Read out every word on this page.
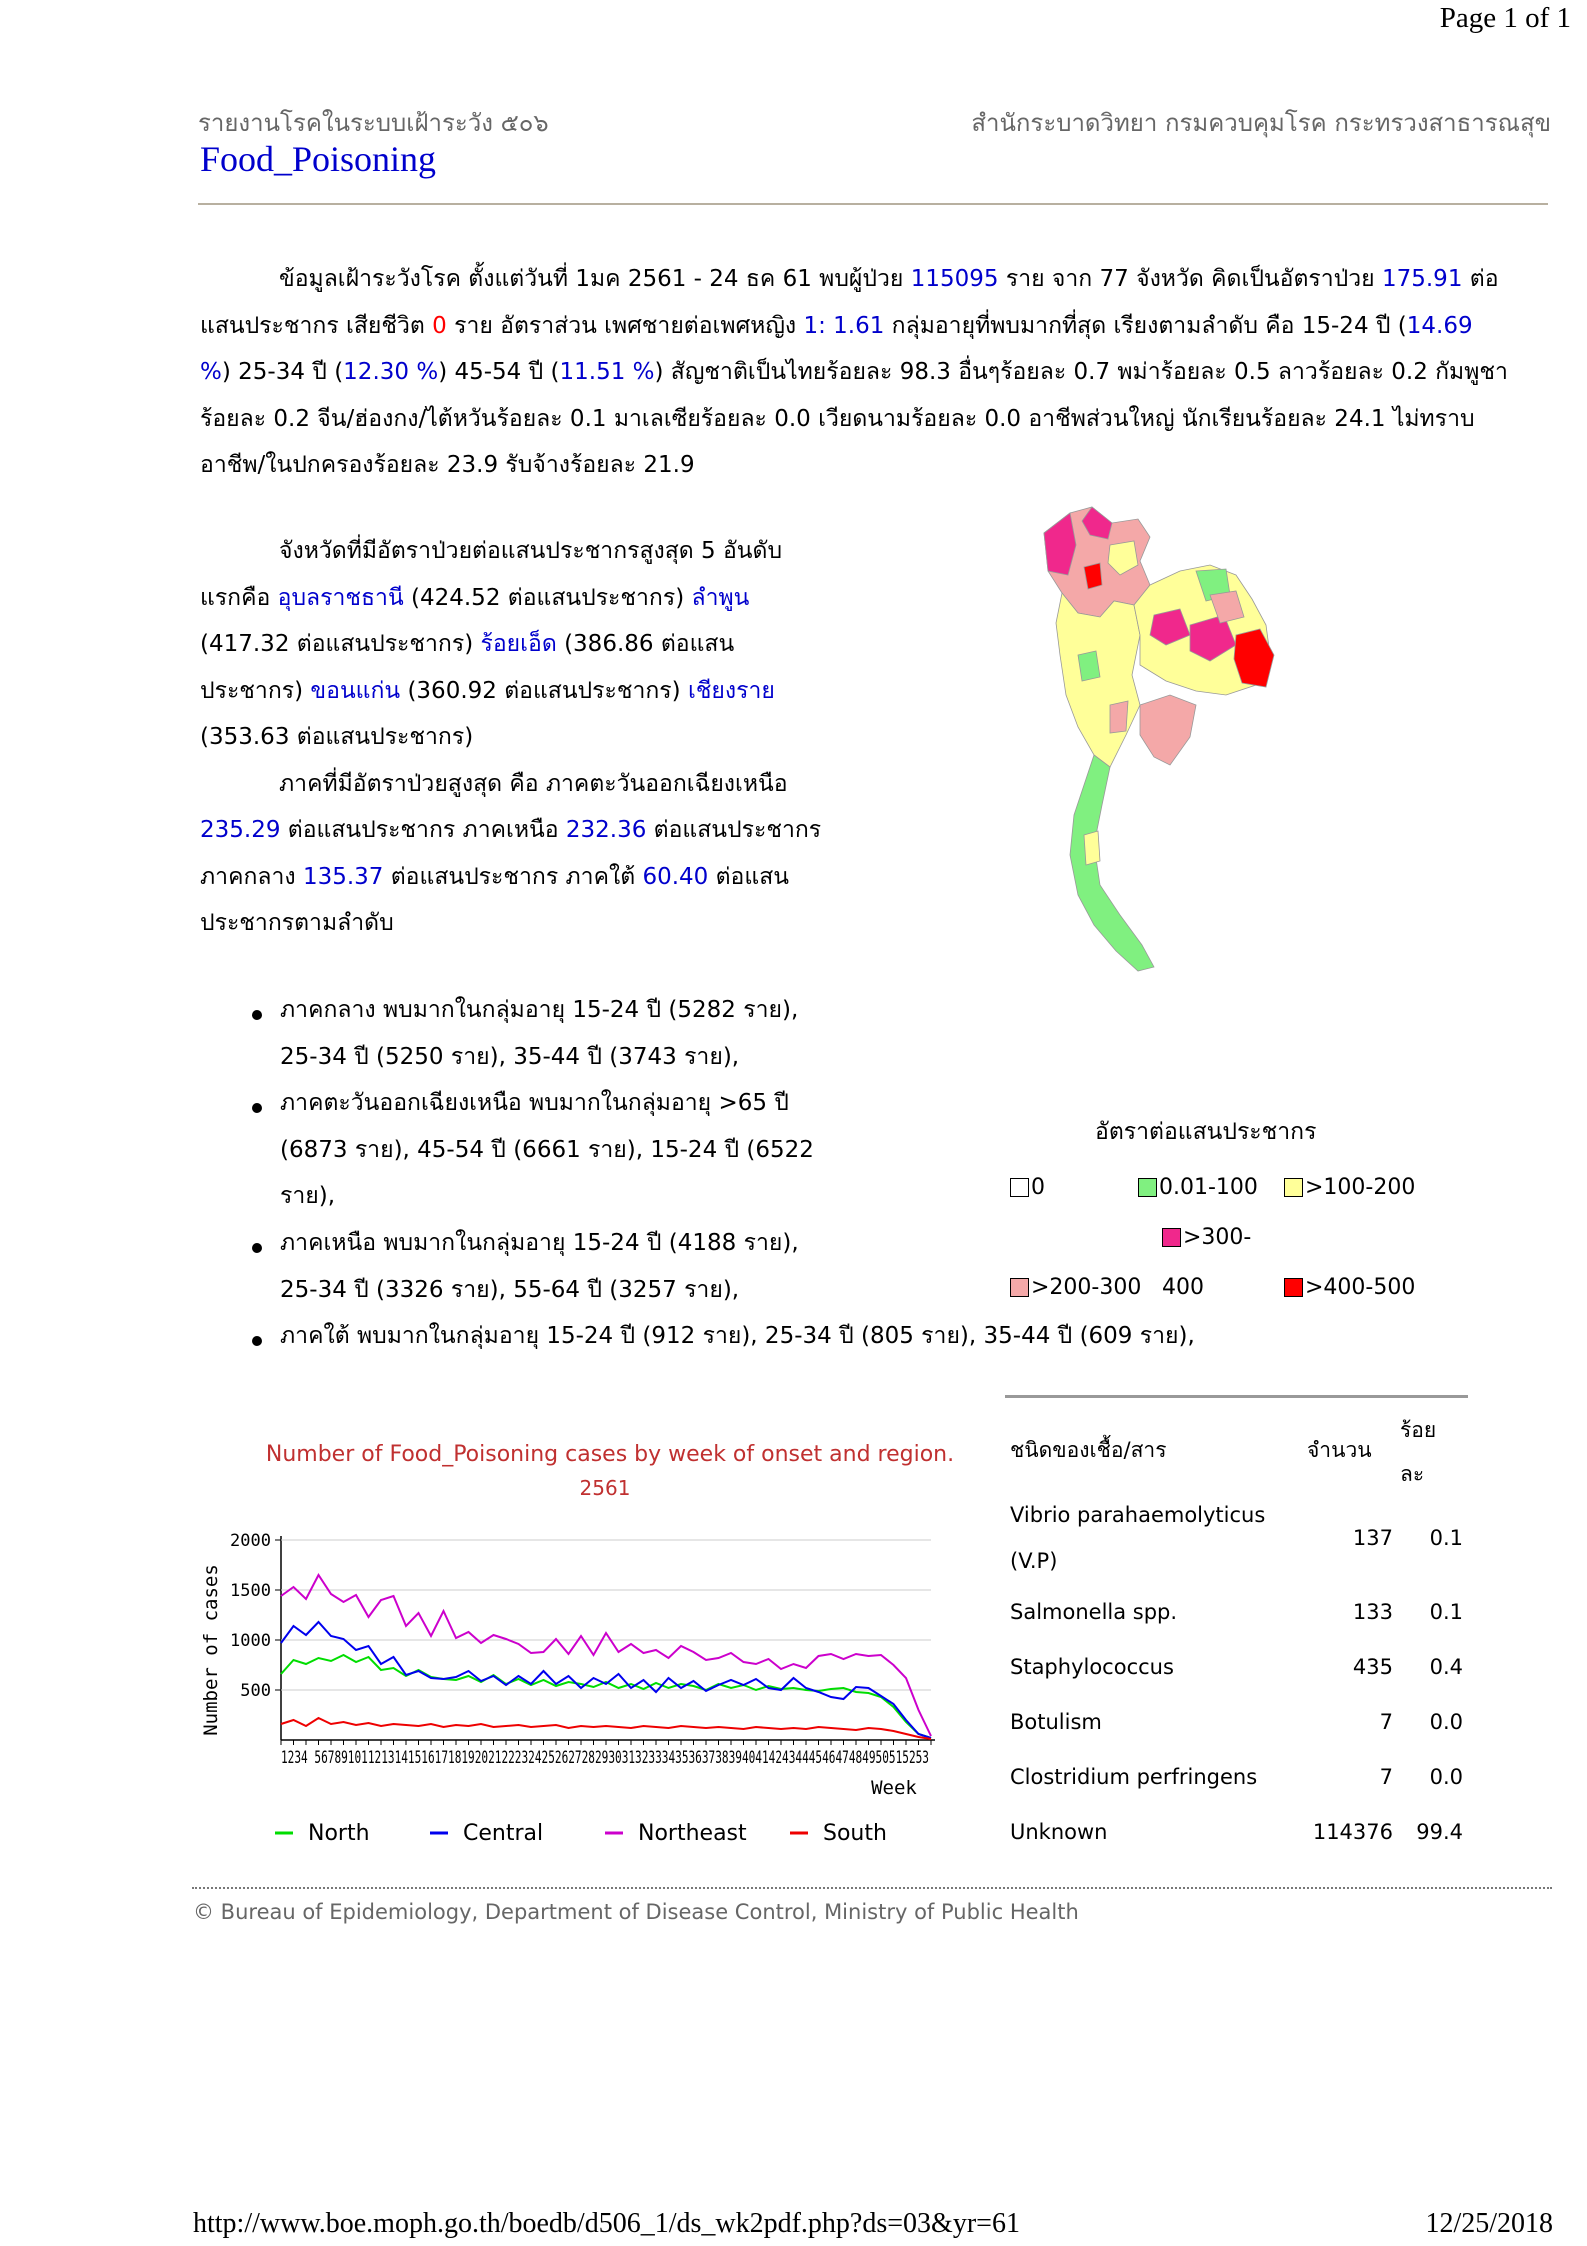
Page 1 of 1
รายงานโรคในระบบเฝ้าระวัง ๕๐๖	สำนักระบาดวิทยา กรมควบคุมโรค กระทรวงสาธารณสุข
Food_Poisoning
ข้อมูลเฝ้าระวังโรค ตั้งแต่วันที่ 1มค 2561 - 24 ธค 61 พบผู้ป่วย 115095 ราย จาก 77 จังหวัด คิดเป็นอัตราป่วย 175.91 ต่อ
แสนประชากร เสียชีวิต 0 ราย อัตราส่วน เพศชายต่อเพศหญิง 1: 1.61 กลุ่มอายุที่พบมากที่สุด เรียงตามลำดับ คือ 15-24 ปี (14.69
%) 25-34 ปี (12.30 %) 45-54 ปี (11.51 %) สัญชาติเป็นไทยร้อยละ 98.3 อื่นๆร้อยละ 0.7 พม่าร้อยละ 0.5 ลาวร้อยละ 0.2 กัมพูชา
ร้อยละ 0.2 จีน/ฮ่องกง/ไต้หวันร้อยละ 0.1 มาเลเซียร้อยละ 0.0 เวียดนามร้อยละ 0.0 อาชีพส่วนใหญ่ นักเรียนร้อยละ 24.1 ไม่ทราบ
อาชีพ/ในปกครองร้อยละ 23.9 รับจ้างร้อยละ 21.9
จังหวัดที่มีอัตราป่วยต่อแสนประชากรสูงสุด 5 อันดับ
แรกคือ อุบลราชธานี (424.52 ต่อแสนประชากร) ลำพูน
(417.32 ต่อแสนประชากร) ร้อยเอ็ด (386.86 ต่อแสน
ประชากร) ขอนแก่น (360.92 ต่อแสนประชากร) เชียงราย
(353.63 ต่อแสนประชากร)
ภาคที่มีอัตราป่วยสูงสุด คือ ภาคตะวันออกเฉียงเหนือ
235.29 ต่อแสนประชากร ภาคเหนือ 232.36 ต่อแสนประชากร
ภาคกลาง 135.37 ต่อแสนประชากร ภาคใต้ 60.40 ต่อแสน
ประชากรตามลำดับ
อัตราต่อแสนประชากร
0	0.01-100 >100-200
>200-300>300-400	>400-500
ภาคกลาง พบมากในกลุ่มอายุ 15-24 ปี (5282 ราย),
25-34 ปี (5250 ราย), 35-44 ปี (3743 ราย),
ภาคตะวันออกเฉียงเหนือ พบมากในกลุ่มอายุ >65 ปี
(6873 ราย), 45-54 ปี (6661 ราย), 15-24 ปี (6522
ราย),
ภาคเหนือ พบมากในกลุ่มอายุ 15-24 ปี (4188 ราย),
25-34 ปี (3326 ราย), 55-64 ปี (3257 ราย),
ภาคใต้ พบมากในกลุ่มอายุ 15-24 ปี (912 ราย), 25-34 ปี (805 ราย), 35-44 ปี (609 ราย),
Number of Food_Poisoning cases by week of onset and region.
2561
Number of cases
Week
1234 56789101121314151617181920212223242526272829303132333435363738394041424344454647484950515253
500
1000
1500
2000
North	Central	Northeast	South
ชนิดของเชื้อ/สาร	จำนวน
ร้อย
ละ
Vibrio parahaemolyticus
(V.P)
137 0.1
Salmonella spp.	133 0.1
Staphylococcus	435 0.4
Botulism	7 0.0
Clostridium perfringens	7 0.0
Unknown	114376 99.4
© Bureau of Epidemiology, Department of Disease Control, Ministry of Public Health
http://www.boe.moph.go.th/boedb/d506_1/ds_wk2pdf.php?ds=03&yr=61	12/25/2018
